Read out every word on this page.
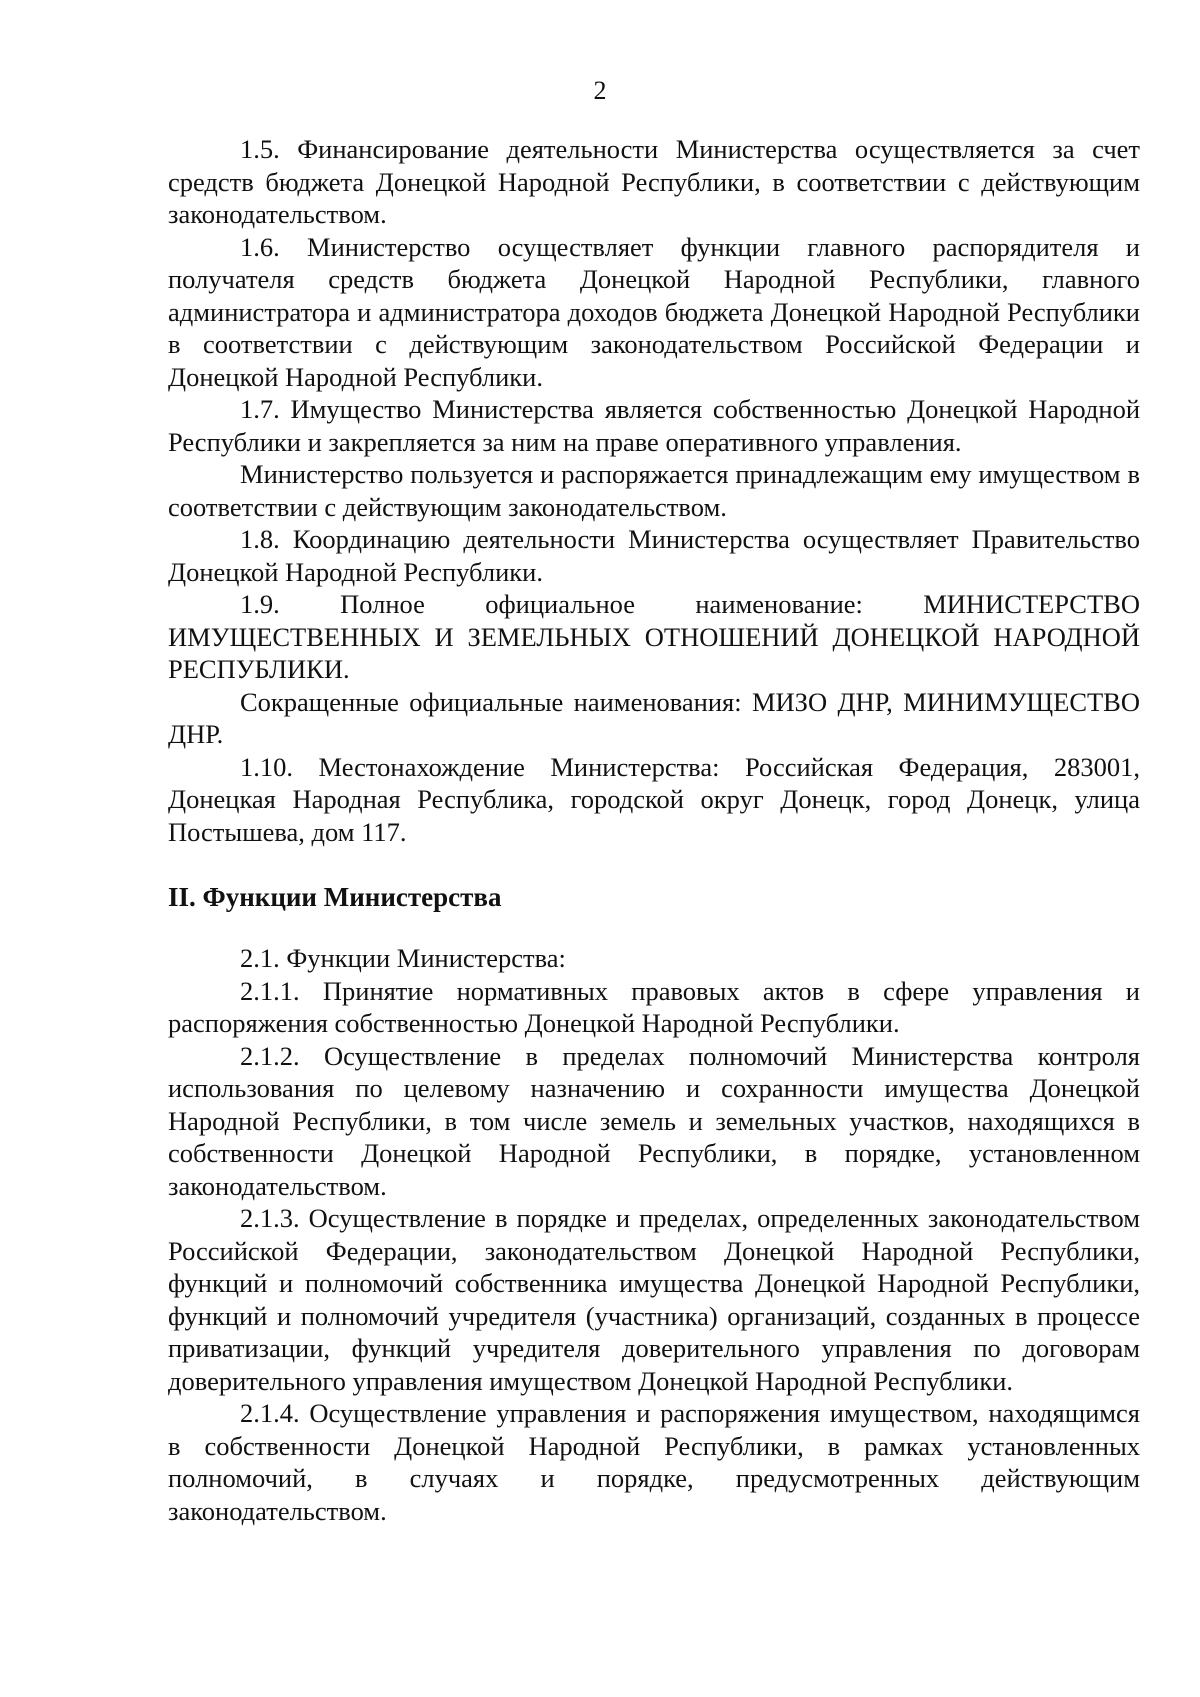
2

1.5. Финансирование деятельности Министерства осуществляется за счет средств бюджета Донецкой Народной Республики, в соответствии с действующим законодательством.

1.6. Министерство осуществляет функции главного распорядителя и получателя средств бюджета Донецкой Народной Республики, главного администратора и администратора доходов бюджета Донецкой Народной Республики в соответствии с действующим законодательством Российской Федерации и Донецкой Народной Республики.

1.7. Имущество Министерства является собственностью Донецкой Народной Республики и закрепляется за ним на праве оперативного управления.

Министерство пользуется и распоряжается принадлежащим ему имуществом в соответствии с действующим законодательством.

1.8. Координацию деятельности Министерства осуществляет Правительство Донецкой Народной Республики.

1.9. Полное официальное наименование: МИНИСТЕРСТВО ИМУЩЕСТВЕННЫХ И ЗЕМЕЛЬНЫХ ОТНОШЕНИЙ ДОНЕЦКОЙ НАРОДНОЙ РЕСПУБЛИКИ.

Сокращенные официальные наименования: МИЗО ДНР, МИНИМУЩЕСТВО ДНР.

1.10. Местонахождение Министерства: Российская Федерация, 283001, Донецкая Народная Республика, городской округ Донецк, город Донецк, улица Постышева, дом 117.

II. Функции Министерства

2.1. Функции Министерства:

2.1.1. Принятие нормативных правовых актов в сфере управления и распоряжения собственностью Донецкой Народной Республики.

2.1.2. Осуществление в пределах полномочий Министерства контроля использования по целевому назначению и сохранности имущества Донецкой Народной Республики, в том числе земель и земельных участков, находящихся в собственности Донецкой Народной Республики, в порядке, установленном законодательством.

2.1.3. Осуществление в порядке и пределах, определенных законодательством Российской Федерации, законодательством Донецкой Народной Республики, функций и полномочий собственника имущества Донецкой Народной Республики, функций и полномочий учредителя (участника) организаций, созданных в процессе приватизации, функций учредителя доверительного управления по договорам доверительного управления имуществом Донецкой Народной Республики.

2.1.4. Осуществление управления и распоряжения имуществом, находящимся в собственности Донецкой Народной Республики, в рамках установленных полномочий, в случаях и порядке, предусмотренных действующим законодательством.
